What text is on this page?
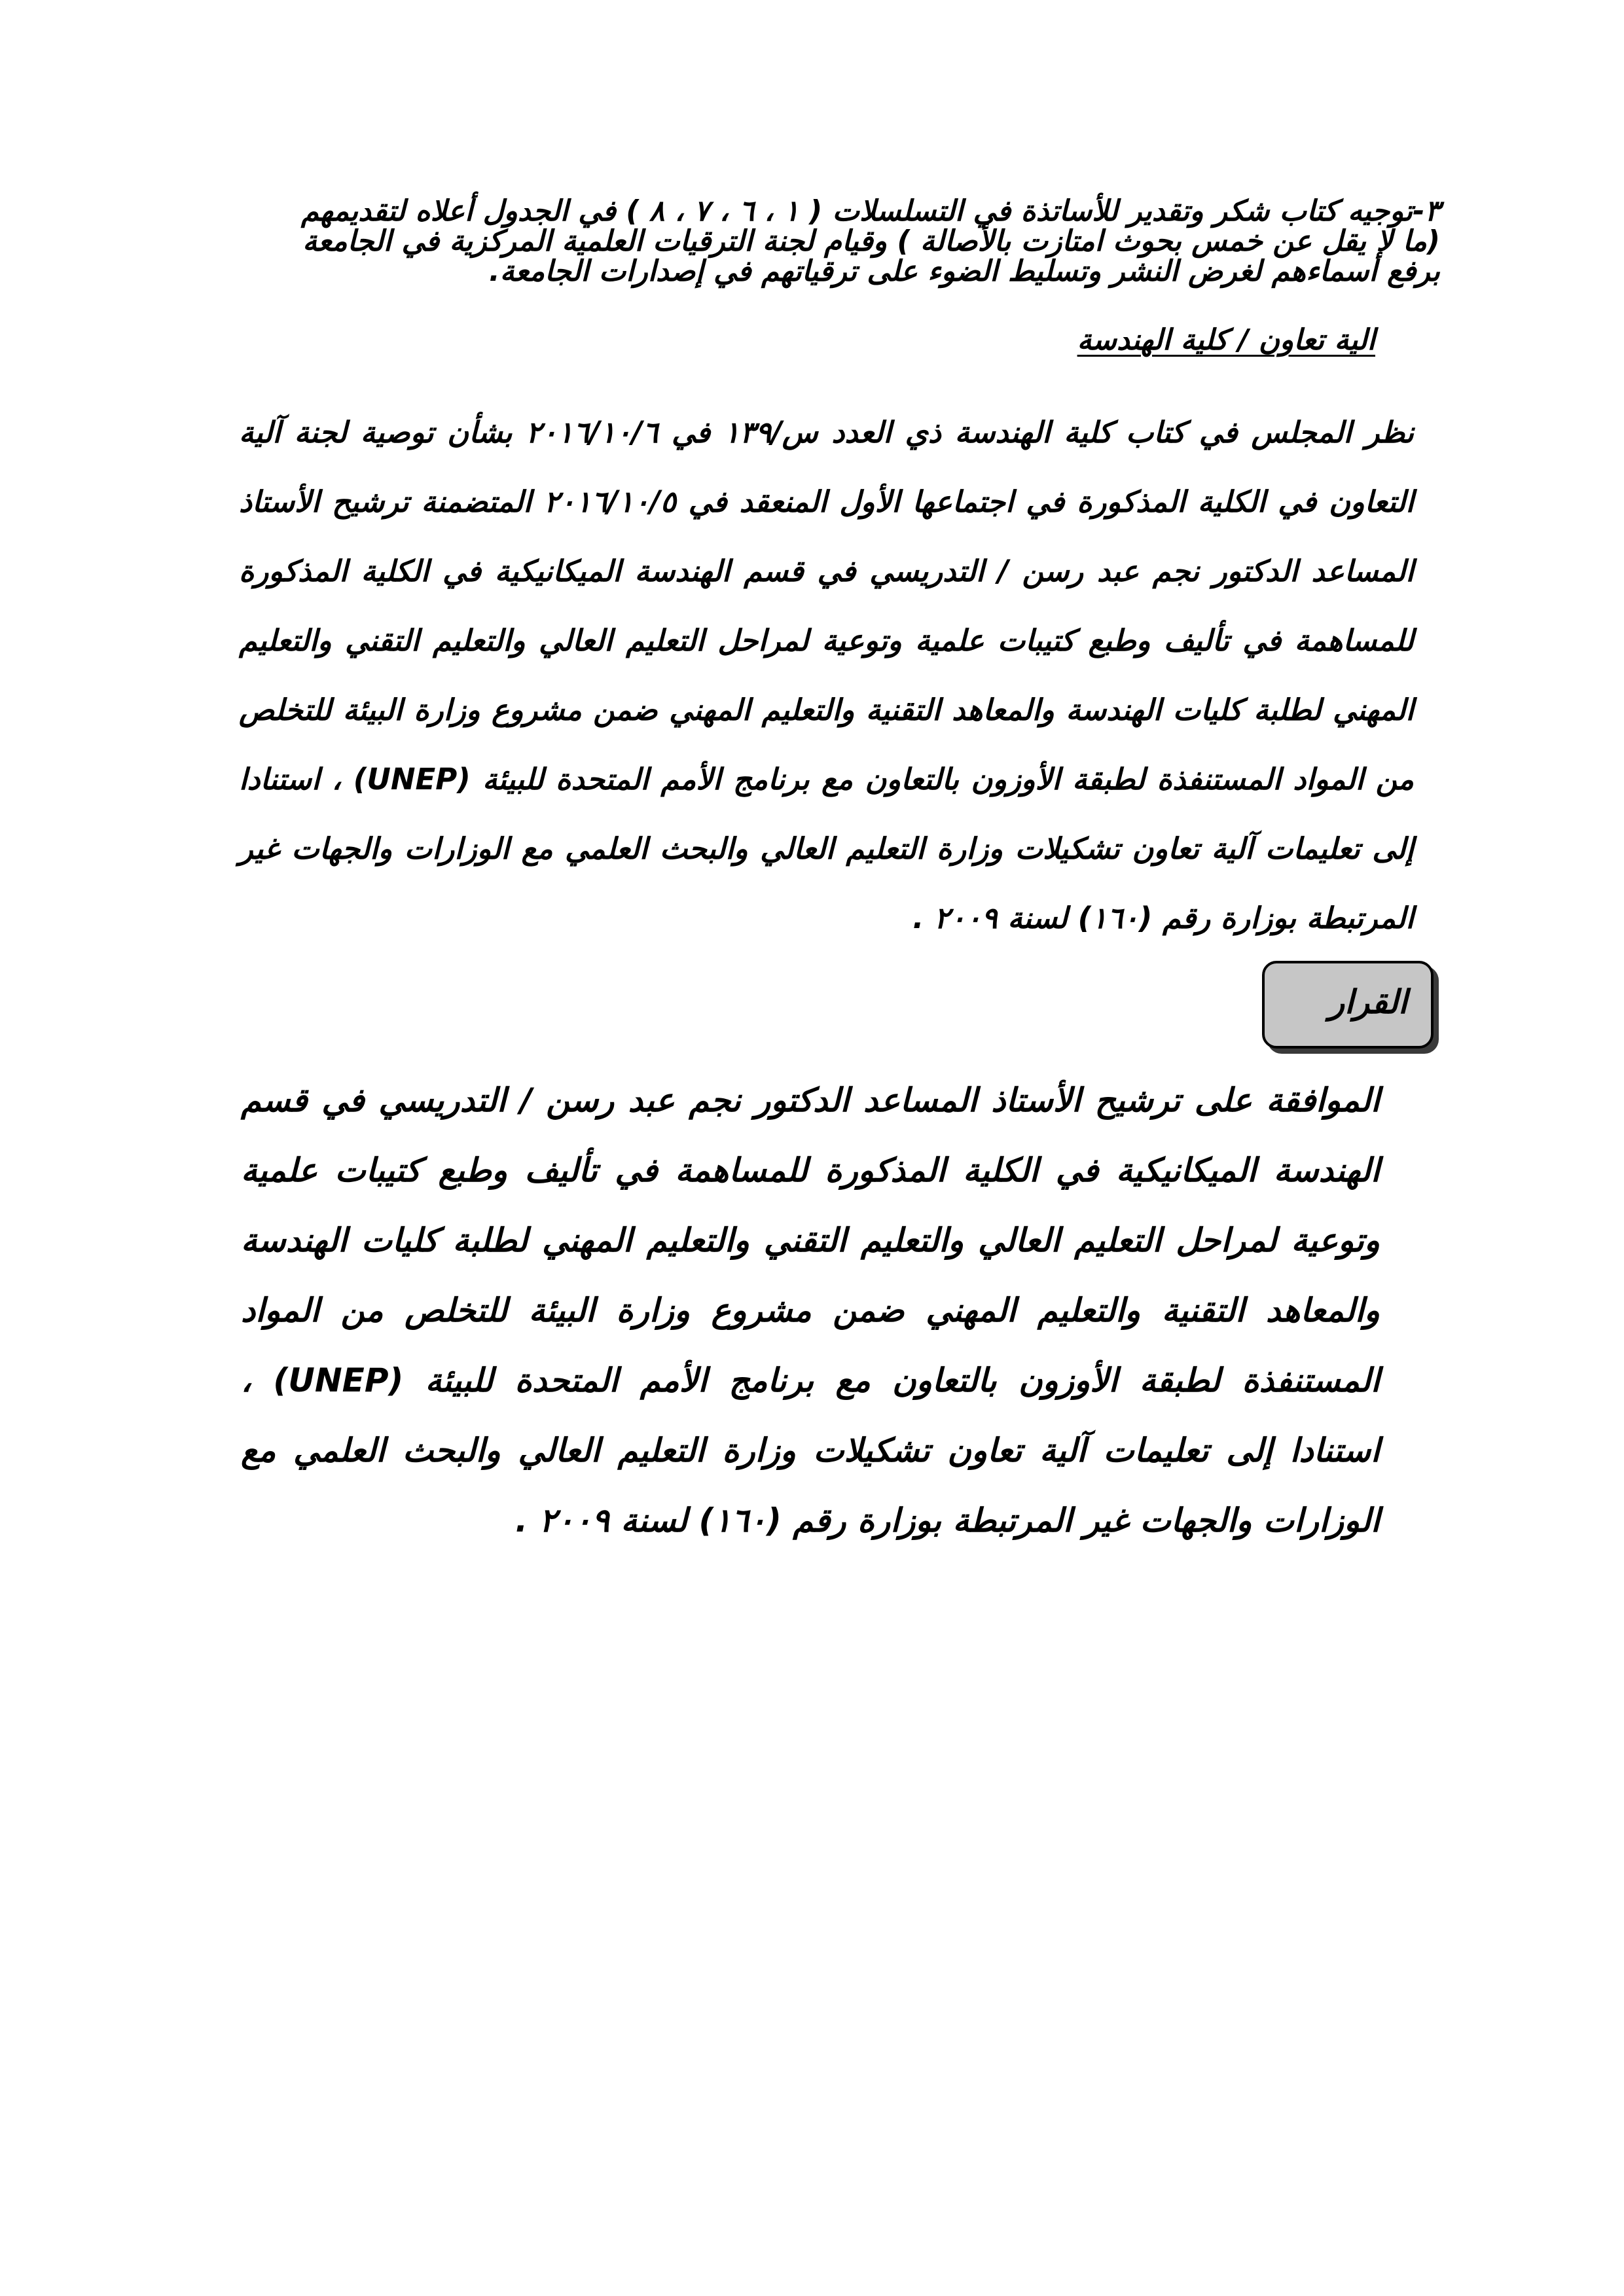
٣-توجيه كتاب شكر وتقدير للأساتذة في التسلسلات ( ١ ، ٦ ، ٧ ، ٨ ) في الجدول أعلاه لتقديمهم
(ما لا يقل عن خمس بحوث امتازت بالأصالة ) وقيام لجنة الترقيات العلمية المركزية في الجامعة
برفع أسماءهم لغرض النشر وتسليط الضوء على ترقياتهم في إصدارات الجامعة.
الية تعاون / كلية الهندسة
نظر المجلس في كتاب كلية الهندسة ذي العدد س/١٣٩ في ٢٠١٦/١٠/٦ بشأن توصية لجنة آلية
التعاون في الكلية المذكورة في اجتماعها الأول المنعقد في ٢٠١٦/١٠/٥ المتضمنة ترشيح الأستاذ
المساعد الدكتور نجم عبد رسن / التدريسي في قسم الهندسة الميكانيكية في الكلية المذكورة
للمساهمة في تأليف وطبع كتيبات علمية وتوعية لمراحل التعليم العالي والتعليم التقني والتعليم
المهني لطلبة كليات الهندسة والمعاهد التقنية والتعليم المهني ضمن مشروع وزارة البيئة للتخلص
من المواد المستنفذة لطبقة الأوزون بالتعاون مع برنامج الأمم المتحدة للبيئة (UNEP) ، استنادا
إلى تعليمات آلية تعاون تشكيلات وزارة التعليم العالي والبحث العلمي مع الوزارات والجهات غير
المرتبطة بوزارة رقم (١٦٠) لسنة ٢٠٠٩ .
القرار
الموافقة على ترشيح الأستاذ المساعد الدكتور نجم عبد رسن / التدريسي في قسم
الهندسة الميكانيكية في الكلية المذكورة للمساهمة في تأليف وطبع كتيبات علمية
وتوعية لمراحل التعليم العالي والتعليم التقني والتعليم المهني لطلبة كليات الهندسة
والمعاهد التقنية والتعليم المهني ضمن مشروع وزارة البيئة للتخلص من المواد
المستنفذة لطبقة الأوزون بالتعاون مع برنامج الأمم المتحدة للبيئة (UNEP) ،
استنادا إلى تعليمات آلية تعاون تشكيلات وزارة التعليم العالي والبحث العلمي مع
الوزارات والجهات غير المرتبطة بوزارة رقم (١٦٠) لسنة ٢٠٠٩ .
